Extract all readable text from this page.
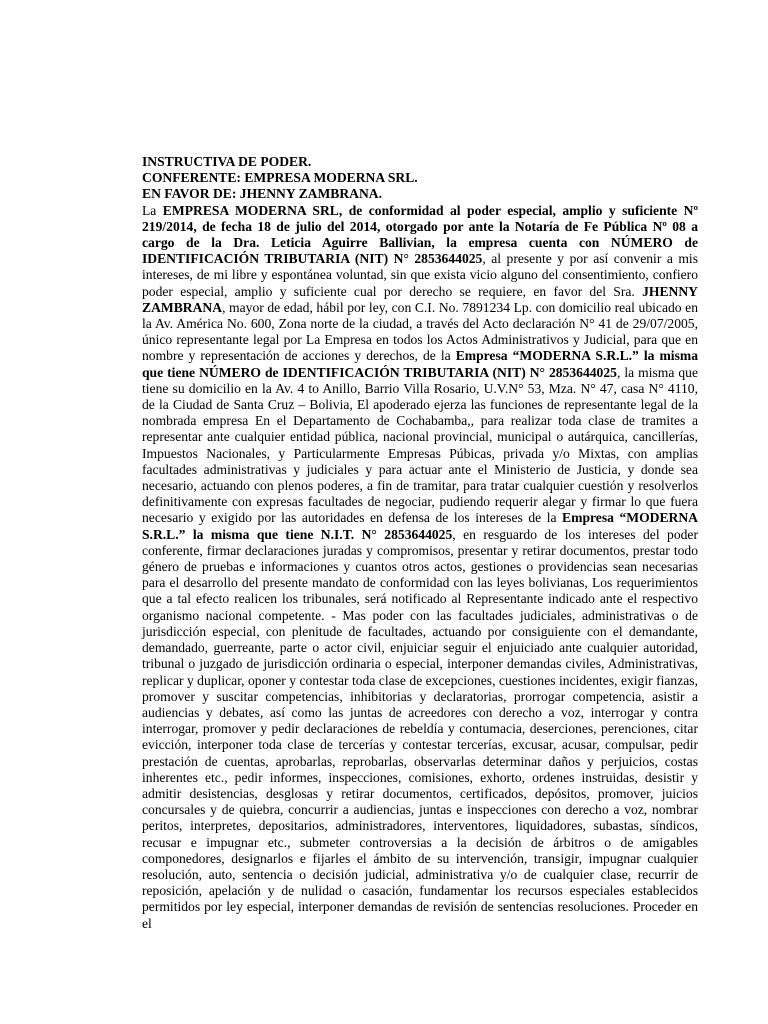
INSTRUCTIVA DE PODER.

CONFERENTE: EMPRESA MODERNA SRL.

EN FAVOR DE: JHENNY ZAMBRANA.

La EMPRESA MODERNA SRL, de conformidad al poder especial, amplio y suficiente Nº 219/2014, de fecha 18 de julio del 2014, otorgado por ante la Notaría de Fe Pública Nº 08 a cargo de la Dra. Leticia Aguirre Ballivian, la empresa cuenta con NÚMERO de IDENTIFICACIÓN TRIBUTARIA (NIT) N° 2853644025, al presente y por así convenir a mis intereses, de mi libre y espontánea voluntad, sin que exista vicio alguno del consentimiento, confiero poder especial, amplio y suficiente cual por derecho se requiere, en favor del Sra. JHENNY ZAMBRANA, mayor de edad, hábil por ley, con C.I. No. 7891234 Lp. con domicilio real ubicado en la Av. América No. 600, Zona norte de la ciudad, a través del Acto declaración N° 41 de 29/07/2005, único representante legal por La Empresa en todos los Actos Administrativos y Judicial, para que en nombre y representación de acciones y derechos, de la Empresa “MODERNA S.R.L.” la misma que tiene NÚMERO de IDENTIFICACIÓN TRIBUTARIA (NIT) N° 2853644025, la misma que tiene su domicilio en la Av. 4 to Anillo, Barrio Villa Rosario, U.V.N° 53, Mza. N° 47, casa N° 4110, de la Ciudad de Santa Cruz – Bolivia, El apoderado ejerza las funciones de representante legal de la nombrada empresa En el Departamento de Cochabamba,, para realizar toda clase de tramites a representar ante cualquier entidad pública, nacional provincial, municipal o autárquica, cancillerías, Impuestos Nacionales, y Particularmente Empresas Púbicas, privada y/o Mixtas, con amplias facultades administrativas y judiciales y para actuar ante el Ministerio de Justicia, y donde sea necesario, actuando con plenos poderes, a fin de tramitar, para tratar cualquier cuestión y resolverlos definitivamente con expresas facultades de negociar, pudiendo requerir alegar y firmar lo que fuera necesario y exigido por las autoridades en defensa de los intereses de la Empresa “MODERNA S.R.L.” la misma que tiene N.I.T. N° 2853644025, en resguardo de los intereses del poder conferente, firmar declaraciones juradas y compromisos, presentar y retirar documentos, prestar todo género de pruebas e informaciones y cuantos otros actos, gestiones o providencias sean necesarias para el desarrollo del presente mandato de conformidad con las leyes bolivianas, Los requerimientos que a tal efecto realicen los tribunales, será notificado al Representante indicado ante el respectivo organismo nacional competente. - Mas poder con las facultades judiciales, administrativas o de jurisdicción especial, con plenitude de facultades, actuando por consiguiente con el demandante, demandado, guerreante, parte o actor civil, enjuiciar seguir el enjuiciado ante cualquier autoridad, tribunal o juzgado de jurisdicción ordinaria o especial, interponer demandas civiles, Administrativas, replicar y duplicar, oponer y contestar toda clase de excepciones, cuestiones incidentes, exigir fianzas, promover y suscitar competencias, inhibitorias y declaratorias, prorrogar competencia, asistir a audiencias y debates, así como las juntas de acreedores con derecho a voz, interrogar y contra interrogar, promover y pedir declaraciones de rebeldía y contumacia, deserciones, perenciones, citar evicción, interponer toda clase de tercerías y contestar tercerías, excusar, acusar, compulsar, pedir prestación de cuentas, aprobarlas, reprobarlas, observarlas determinar daños y perjuicios, costas inherentes etc., pedir informes, inspecciones, comisiones, exhorto, ordenes instruidas, desistir y admitir desistencias, desglosas y retirar documentos, certificados, depósitos, promover, juicios concursales y de quiebra, concurrir a audiencias, juntas e inspecciones con derecho a voz, nombrar peritos, interpretes, depositarios, administradores, interventores, liquidadores, subastas, síndicos, recusar e impugnar etc., submeter controversias a la decisión de árbitros o de amigables componedores, designarlos e fijarles el ámbito de su intervención, transigir, impugnar cualquier resolución, auto, sentencia o decisión judicial, administrativa y/o de cualquier clase, recurrir de reposición, apelación y de nulidad o casación, fundamentar los recursos especiales establecidos permitidos por ley especial, interponer demandas de revisión de sentencias resoluciones. Proceder en el
